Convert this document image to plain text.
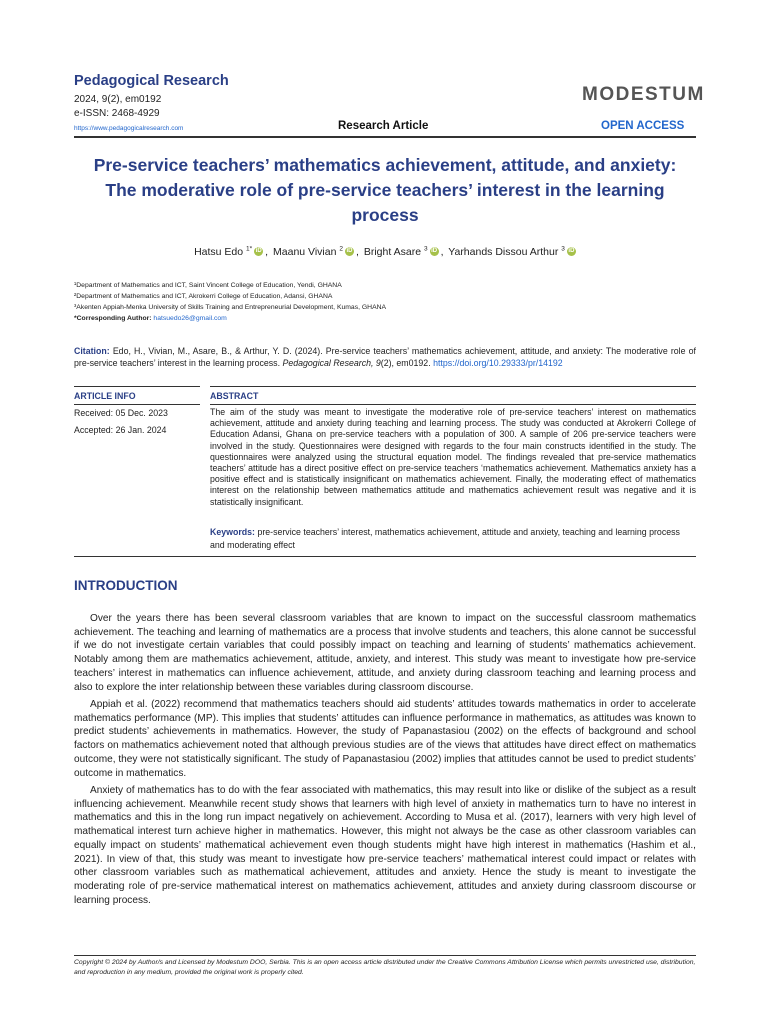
Pedagogical Research
2024, 9(2), em0192
e-ISSN: 2468-4929
MODESTUM
https://www.pedagogicalresearch.com	Research Article	OPEN ACCESS
Pre-service teachers’ mathematics achievement, attitude, and anxiety: The moderative role of pre-service teachers’ interest in the learning process
Hatsu Edo $^{1*}$ iD , Maanu Vivian $^2$ iD , Bright Asare $^3$ iD , Yarhands Dissou Arthur $^3$ iD
¹Department of Mathematics and ICT, Saint Vincent College of Education, Yendi, GHANA
²Department of Mathematics and ICT, Akrokerri College of Education, Adansi, GHANA
³Akenten Appiah-Menka University of Skills Training and Entrepreneurial Development, Kumas, GHANA
*Corresponding Author: hatsuedo26@gmail.com
Citation: Edo, H., Vivian, M., Asare, B., & Arthur, Y. D. (2024). Pre-service teachers’ mathematics achievement, attitude, and anxiety: The moderative role of pre-service teachers’ interest in the learning process. Pedagogical Research, 9(2), em0192. https://doi.org/10.29333/pr/14192
ARTICLE INFO	ABSTRACT
Received: 05 Dec. 2023
Accepted: 26 Jan. 2024
The aim of the study was meant to investigate the moderative role of pre-service teachers’ interest on mathematics achievement, attitude and anxiety during teaching and learning process. The study was conducted at Akrokerri College of Education Adansi, Ghana on pre-service teachers with a population of 300. A sample of 206 pre-service teachers were involved in the study. Questionnaires were designed with regards to the four main constructs identified in the study. The questionnaires were analyzed using the structural equation model. The findings revealed that pre-service mathematics teachers’ attitude has a direct positive effect on pre-service teachers ‘mathematics achievement. Mathematics anxiety has a positive effect and is statistically insignificant on mathematics achievement. Finally, the moderating effect of mathematics interest on the relationship between mathematics attitude and mathematics achievement result was negative and it is statistically insignificant.
Keywords: pre-service teachers’ interest, mathematics achievement, attitude and anxiety, teaching and learning process and moderating effect
INTRODUCTION
Over the years there has been several classroom variables that are known to impact on the successful classroom mathematics achievement. The teaching and learning of mathematics are a process that involve students and teachers, this alone cannot be successful if we do not investigate certain variables that could possibly impact on teaching and learning of students’ mathematics achievement. Notably among them are mathematics achievement, attitude, anxiety, and interest. This study was meant to investigate how pre-service teachers’ interest in mathematics can influence achievement, attitude, and anxiety during classroom teaching and learning process and also to explore the inter relationship between these variables during classroom discourse.
Appiah et al. (2022) recommend that mathematics teachers should aid students’ attitudes towards mathematics in order to accelerate mathematics performance (MP). This implies that students’ attitudes can influence performance in mathematics, as attitudes was known to predict students’ achievements in mathematics. However, the study of Papanastasiou (2002) on the effects of background and school factors on mathematics achievement noted that although previous studies are of the views that attitudes have direct effect on mathematics outcome, they were not statistically significant. The study of Papanastasiou (2002) implies that attitudes cannot be used to predict students’ outcome in mathematics.
Anxiety of mathematics has to do with the fear associated with mathematics, this may result into like or dislike of the subject as a result influencing achievement. Meanwhile recent study shows that learners with high level of anxiety in mathematics turn to have no interest in mathematics and this in the long run impact negatively on achievement. According to Musa et al. (2017), learners with very high level of mathematical interest turn achieve higher in mathematics. However, this might not always be the case as other classroom variables can equally impact on students’ mathematical achievement even though students might have high interest in mathematics (Hashim et al., 2021). In view of that, this study was meant to investigate how pre-service teachers’ mathematical interest could impact or relates with other classroom variables such as mathematical achievement, attitudes and anxiety. Hence the study is meant to investigate the moderating role of pre-service mathematical interest on mathematics achievement, attitudes and anxiety during classroom discourse or learning process.
Copyright © 2024 by Author/s and Licensed by Modestum DOO, Serbia. This is an open access article distributed under the Creative Commons Attribution License which permits unrestricted use, distribution, and reproduction in any medium, provided the original work is properly cited.
